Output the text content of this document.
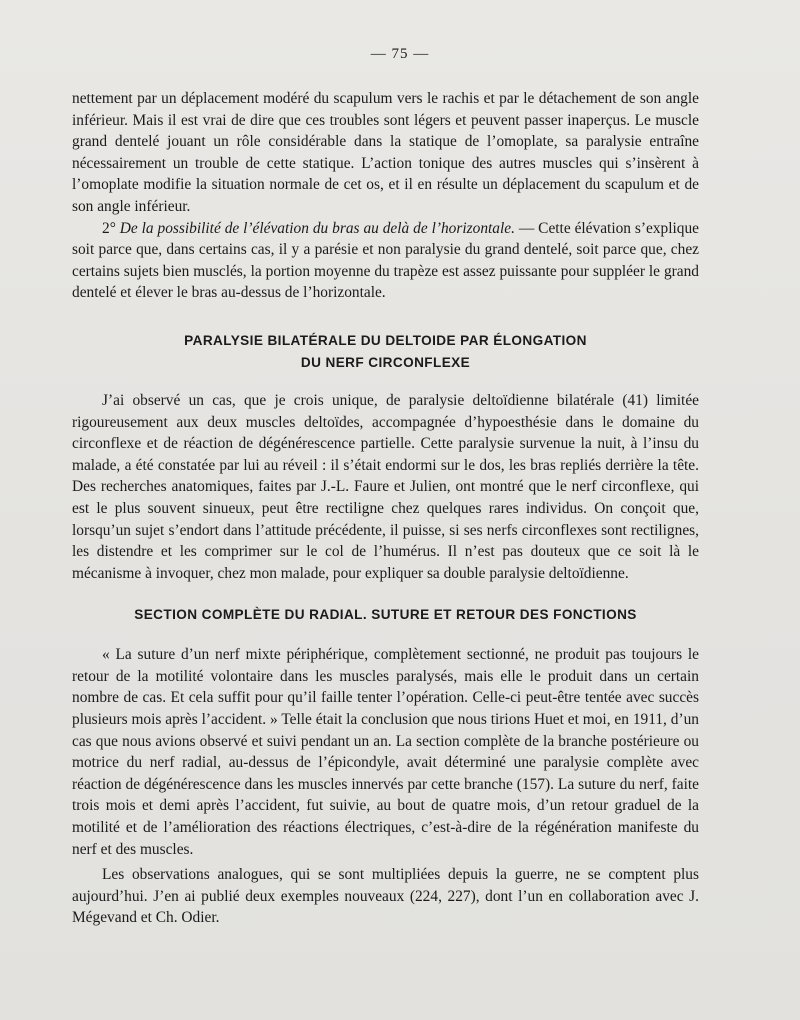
— 75 —

nettement par un déplacement modéré du scapulum vers le rachis et par le détachement de son angle inférieur. Mais il est vrai de dire que ces troubles sont légers et peuvent passer inaperçus. Le muscle grand dentelé jouant un rôle considérable dans la statique de l’omoplate, sa paralysie entraîne nécessairement un trouble de cette statique. L’action tonique des autres muscles qui s’insèrent à l’omoplate modifie la situation normale de cet os, et il en résulte un déplacement du scapulum et de son angle inférieur.

2° De la possibilité de l’élévation du bras au delà de l’horizontale. — Cette élévation s’explique soit parce que, dans certains cas, il y a parésie et non paralysie du grand dentelé, soit parce que, chez certains sujets bien musclés, la portion moyenne du trapèze est assez puissante pour suppléer le grand dentelé et élever le bras au-dessus de l’horizontale.

PARALYSIE BILATÉRALE DU DELTOIDE PAR ÉLONGATION
DU NERF CIRCONFLEXE

J’ai observé un cas, que je crois unique, de paralysie deltoïdienne bilatérale (41) limitée rigoureusement aux deux muscles deltoïdes, accompagnée d’hypoesthésie dans le domaine du circonflexe et de réaction de dégénérescence partielle. Cette paralysie survenue la nuit, à l’insu du malade, a été constatée par lui au réveil : il s’était endormi sur le dos, les bras repliés derrière la tête. Des recherches anatomiques, faites par J.-L. Faure et Julien, ont montré que le nerf circonflexe, qui est le plus souvent sinueux, peut être rectiligne chez quelques rares individus. On conçoit que, lorsqu’un sujet s’endort dans l’attitude précédente, il puisse, si ses nerfs circonflexes sont rectilignes, les distendre et les comprimer sur le col de l’humérus. Il n’est pas douteux que ce soit là le mécanisme à invoquer, chez mon malade, pour expliquer sa double paralysie deltoïdienne.

SECTION COMPLÈTE DU RADIAL. SUTURE ET RETOUR DES FONCTIONS

« La suture d’un nerf mixte périphérique, complètement sectionné, ne produit pas toujours le retour de la motilité volontaire dans les muscles paralysés, mais elle le produit dans un certain nombre de cas. Et cela suffit pour qu’il faille tenter l’opération. Celle-ci peut-être tentée avec succès plusieurs mois après l’accident. » Telle était la conclusion que nous tirions Huet et moi, en 1911, d’un cas que nous avions observé et suivi pendant un an. La section complète de la branche postérieure ou motrice du nerf radial, au-dessus de l’épicondyle, avait déterminé une paralysie complète avec réaction de dégénérescence dans les muscles innervés par cette branche (157). La suture du nerf, faite trois mois et demi après l’accident, fut suivie, au bout de quatre mois, d’un retour graduel de la motilité et de l’amélioration des réactions électriques, c’est-à-dire de la régénération manifeste du nerf et des muscles.

Les observations analogues, qui se sont multipliées depuis la guerre, ne se comptent plus aujourd’hui. J’en ai publié deux exemples nouveaux (224, 227), dont l’un en collaboration avec J. Mégevand et Ch. Odier.
